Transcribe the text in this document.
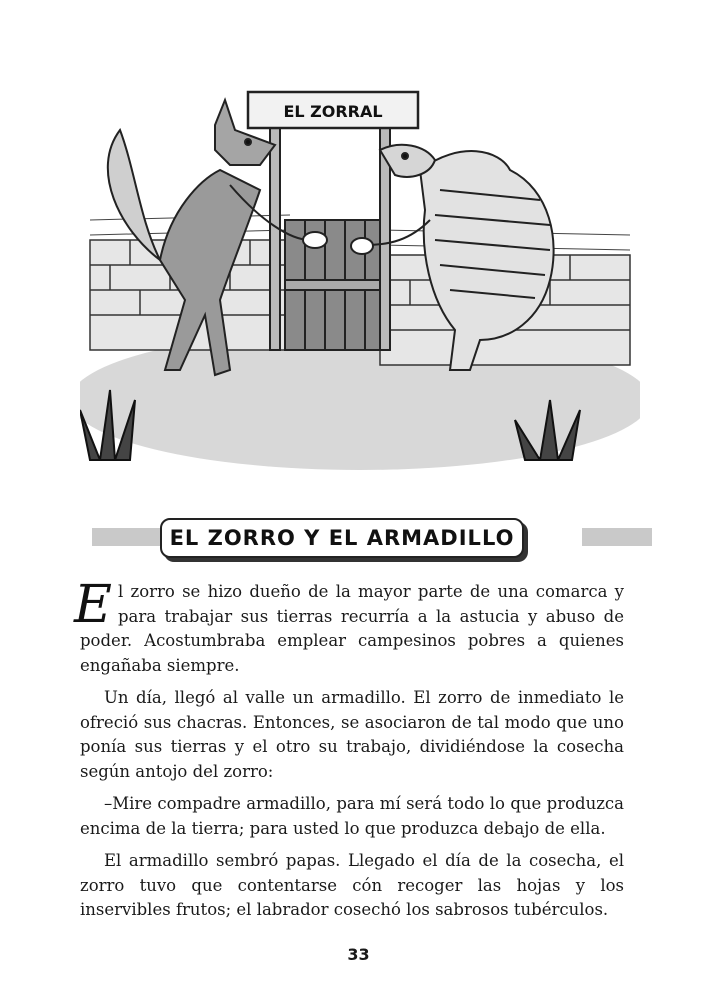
EL ZORRAL
EL ZORRO Y EL ARMADILLO

El zorro se hizo dueño de la mayor parte de una comarca y para trabajar sus tierras recurría a la astucia y abuso de poder. Acostumbraba emplear campesinos pobres a quienes engañaba siempre.

Un día, llegó al valle un armadillo. El zorro de inmediato le ofreció sus chacras. Entonces, se asociaron de tal modo que uno ponía sus tierras y el otro su trabajo, dividiéndose la cosecha según antojo del zorro:

–Mire compadre armadillo, para mí será todo lo que produzca encima de la tierra; para usted lo que produzca debajo de ella.

El armadillo sembró papas. Llegado el día de la cosecha, el zorro tuvo que contentarse cón recoger las hojas y los inservibles frutos; el labrador cosechó los sabrosos tubérculos.

33
